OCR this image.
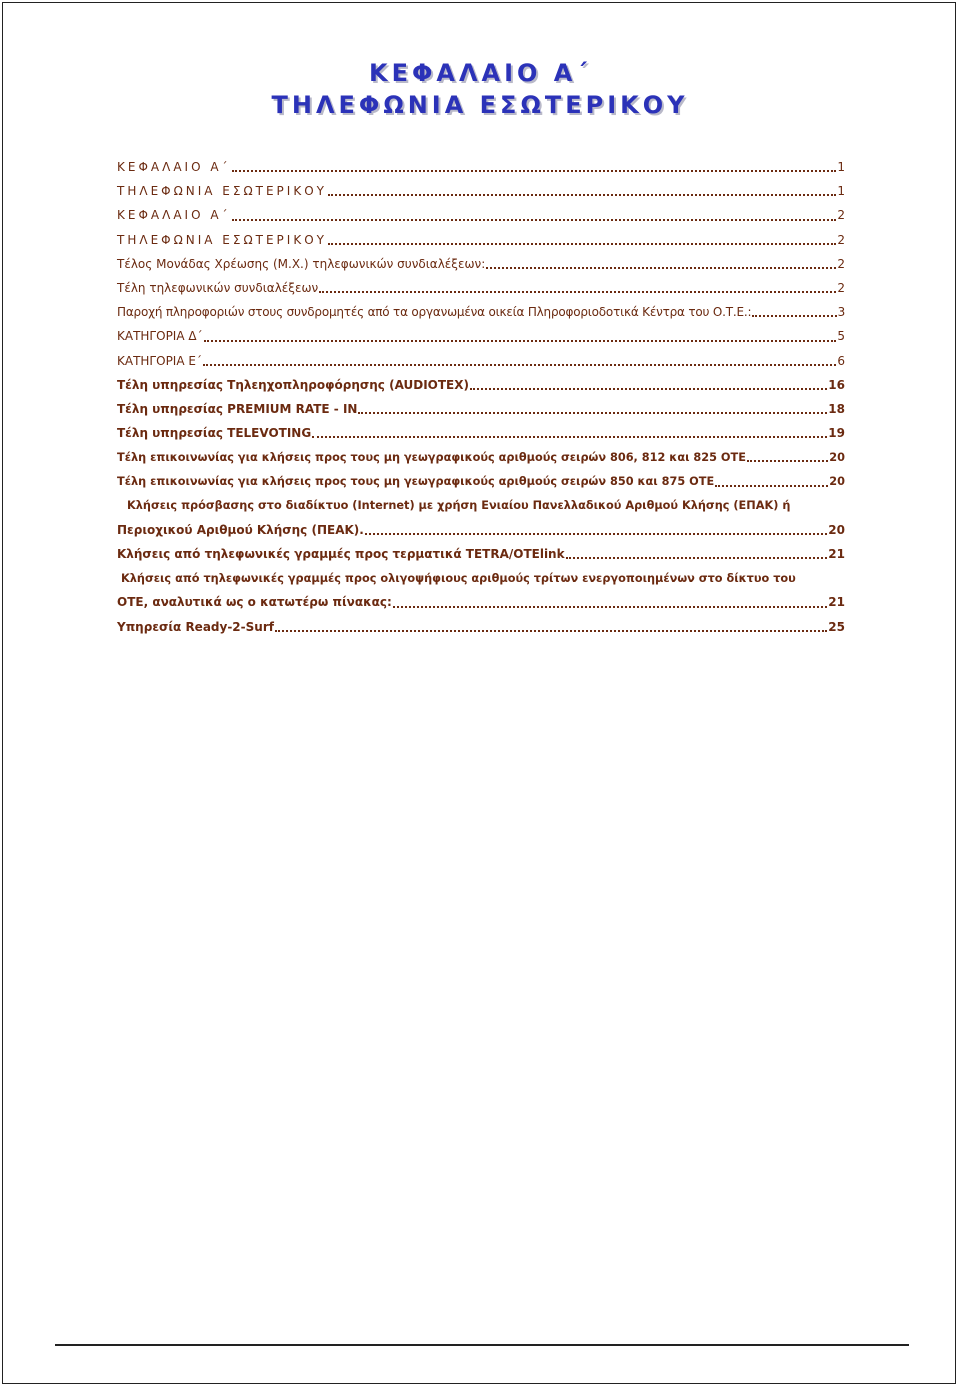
ΚΕΦΑΛΑΙΟ Α΄
ΤΗΛΕΦΩΝΙΑ ΕΣΩΤΕΡΙΚΟΥ
ΚΕΦΑΛΑΙΟ Α΄	1
ΤΗΛΕΦΩΝΙΑ ΕΣΩΤΕΡΙΚΟΥ	1
ΚΕΦΑΛΑΙΟ Α΄	2
ΤΗΛΕΦΩΝΙΑ ΕΣΩΤΕΡΙΚΟΥ	2
Τέλος Μονάδας Χρέωσης (Μ.Χ.) τηλεφωνικών συνδιαλέξεων:	2
Τέλη τηλεφωνικών συνδιαλέξεων	2
Παροχή πληροφοριών στους συνδρομητές από τα οργανωμένα οικεία Πληροφοριοδοτικά Κέντρα του Ο.Τ.Ε.:	3
ΚΑΤΗΓΟΡΙΑ Δ΄	5
ΚΑΤΗΓΟΡΙΑ Ε΄	6
Τέλη υπηρεσίας Τηλεηχοπληροφόρησης (AUDIOTEX)	16
Τέλη υπηρεσίας PREMIUM RATE - IN	18
Τέλη υπηρεσίας TELEVOTING	19
Τέλη επικοινωνίας για κλήσεις προς τους μη γεωγραφικούς αριθμούς σειρών 806, 812 και 825 ΟΤΕ	20
Τέλη επικοινωνίας για κλήσεις προς τους μη γεωγραφικούς αριθμούς σειρών 850 και 875 ΟΤΕ	20
Κλήσεις πρόσβασης στο διαδίκτυο (Internet) με χρήση Ενιαίου Πανελλαδικού Αριθμού Κλήσης (ΕΠΑΚ) ή
Περιοχικού Αριθμού Κλήσης (ΠΕΑΚ).	20
Κλήσεις από τηλεφωνικές γραμμές προς τερματικά TETRA/OTElink	21
Κλήσεις από τηλεφωνικές γραμμές προς ολιγοψήφιους αριθμούς τρίτων ενεργοποιημένων στο δίκτυο του
ΟΤΕ, αναλυτικά ως ο κατωτέρω πίνακας:	21
Υπηρεσία Ready-2-Surf	25
